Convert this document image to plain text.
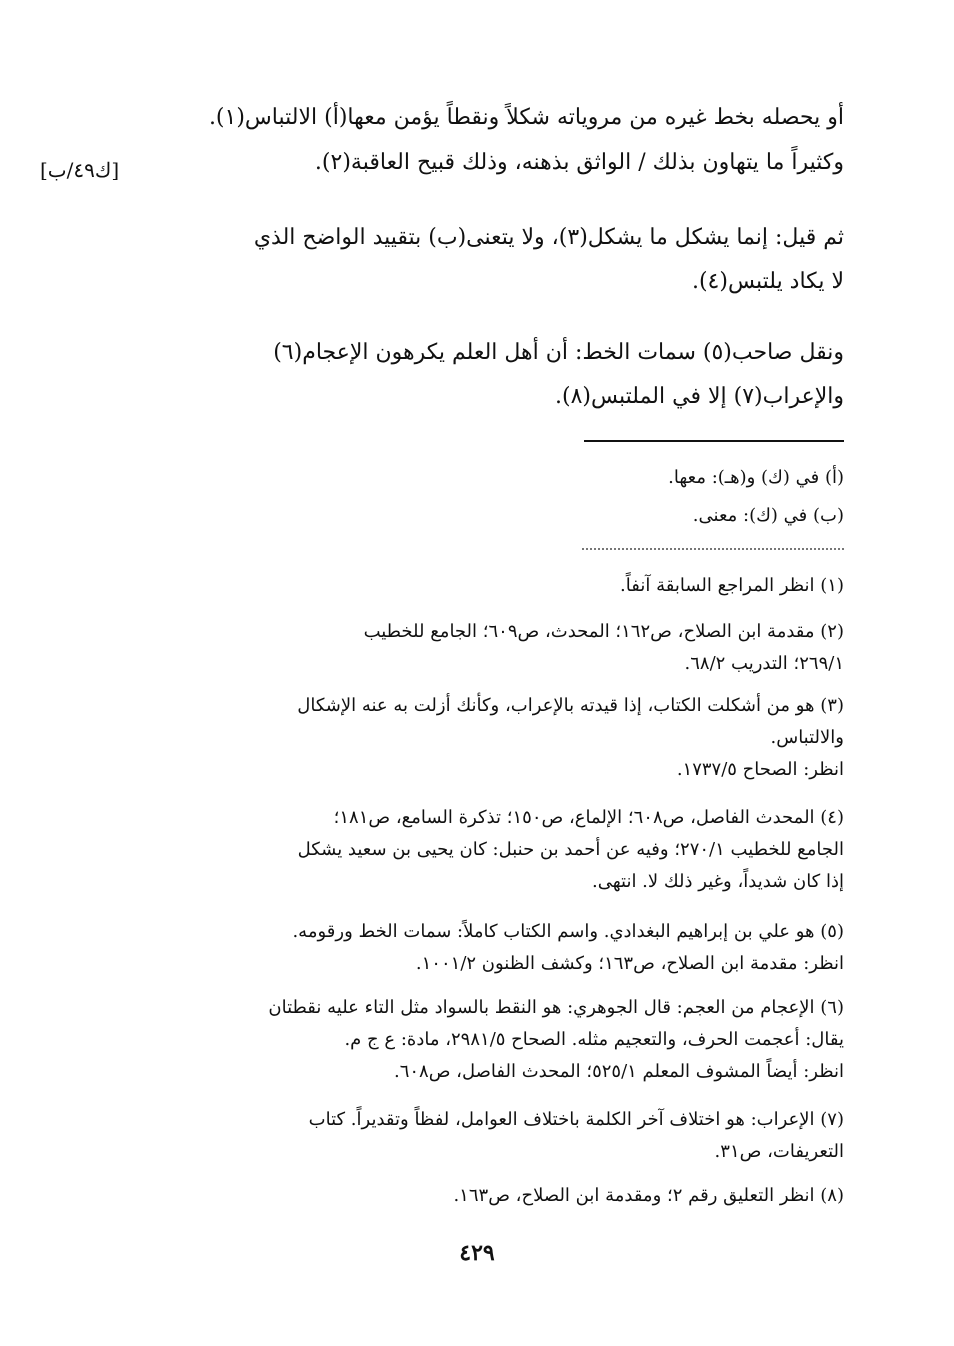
أو يحصله بخط غيره من مروياته شكلاً ونقطاً يؤمن معها(أ) الالتباس(١).
وكثيراً ما يتهاون بذلك / الواثق بذهنه، وذلك قبيح العاقبة(٢).
[ك٤٩/ب]
ثم قيل: إنما يشكل ما يشكل(٣)، ولا يتعنى(ب) بتقييد الواضح الذي
لا يكاد يلتبس(٤).
ونقل صاحب(٥) سمات الخط: أن أهل العلم يكرهون الإعجام(٦)
والإعراب(٧) إلا في الملتبس(٨).
(أ) في (ك) و(هـ): معها.
(ب) في (ك): معنى.
(١) انظر المراجع السابقة آنفاً.
(٢) مقدمة ابن الصلاح، ص١٦٢؛ المحدث، ص٦٠٩؛ الجامع للخطيب
٢٦٩/١؛ التدريب ٦٨/٢.
(٣) هو من أشكلت الكتاب، إذا قيدته بالإعراب، وكأنك أزلت به عنه الإشكال
والالتباس.
انظر: الصحاح ١٧٣٧/٥.
(٤) المحدث الفاصل، ص٦٠٨؛ الإلماع، ص١٥٠؛ تذكرة السامع، ص١٨١؛
الجامع للخطيب ٢٧٠/١؛ وفيه عن أحمد بن حنبل: كان يحيى بن سعيد يشكل
إذا كان شديداً، وغير ذلك لا. انتهى.
(٥) هو علي بن إبراهيم البغدادي. واسم الكتاب كاملاً: سمات الخط ورقومه.
انظر: مقدمة ابن الصلاح، ص١٦٣؛ وكشف الظنون ١٠٠١/٢.
(٦) الإعجام من العجم: قال الجوهري: هو النقط بالسواد مثل التاء عليه نقطتان
يقال: أعجمت الحرف، والتعجيم مثله. الصحاح ٢٩٨١/٥، مادة: ع ج م.
انظر: أيضاً المشوف المعلم ٥٢٥/١؛ المحدث الفاصل، ص٦٠٨.
(٧) الإعراب: هو اختلاف آخر الكلمة باختلاف العوامل، لفظاً وتقديراً. كتاب
التعريفات، ص٣١.
(٨) انظر التعليق رقم ٢؛ ومقدمة ابن الصلاح، ص١٦٣.
٤٢٩
